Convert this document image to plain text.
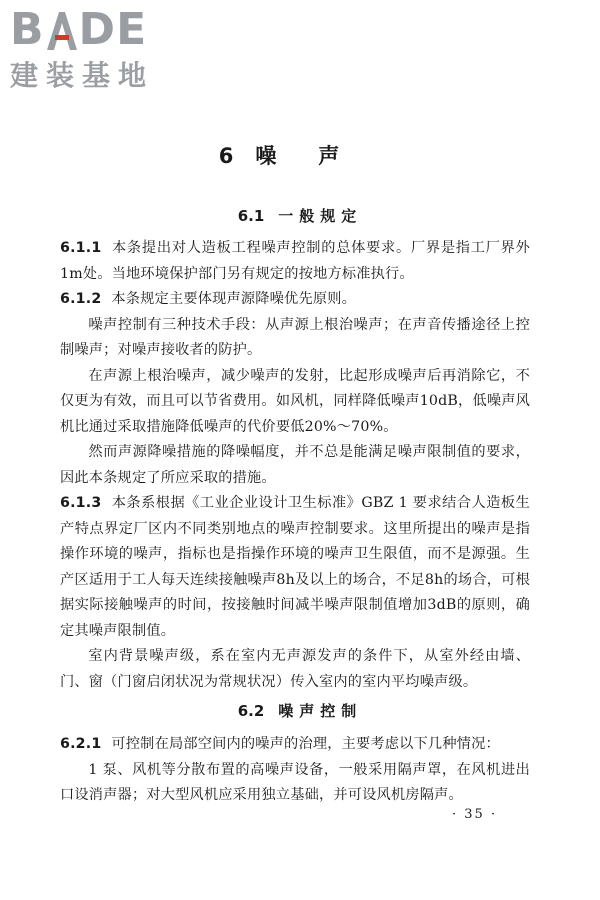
B DE
建装基地
6 噪声
6.1 一般规定

6.1.1 本条提出对人造板工程噪声控制的总体要求。厂界是指工厂界外1m处。当地环境保护部门另有规定的按地方标准执行。

6.1.2 本条规定主要体现声源降噪优先原则。

噪声控制有三种技术手段：从声源上根治噪声；在声音传播途径上控制噪声；对噪声接收者的防护。

在声源上根治噪声，减少噪声的发射，比起形成噪声后再消除它，不仅更为有效，而且可以节省费用。如风机，同样降低噪声10dB，低噪声风机比通过采取措施降低噪声的代价要低20%～70%。

然而声源降噪措施的降噪幅度，并不总是能满足噪声限制值的要求，因此本条规定了所应采取的措施。

6.1.3 本条系根据《工业企业设计卫生标准》GBZ 1 要求结合人造板生产特点界定厂区内不同类别地点的噪声控制要求。这里所提出的噪声是指操作环境的噪声，指标也是指操作环境的噪声卫生限值，而不是源强。生产区适用于工人每天连续接触噪声8h及以上的场合，不足8h的场合，可根据实际接触噪声的时间，按接触时间减半噪声限制值增加3dB的原则，确定其噪声限制值。

室内背景噪声级，系在室内无声源发声的条件下，从室外经由墙、门、窗（门窗启闭状况为常规状况）传入室内的室内平均噪声级。

6.2 噪声控制

6.2.1 可控制在局部空间内的噪声的治理，主要考虑以下几种情况：

1 泵、风机等分散布置的高噪声设备，一般采用隔声罩，在风机进出口设消声器；对大型风机应采用独立基础，并可设风机房隔声。

· 35 ·
